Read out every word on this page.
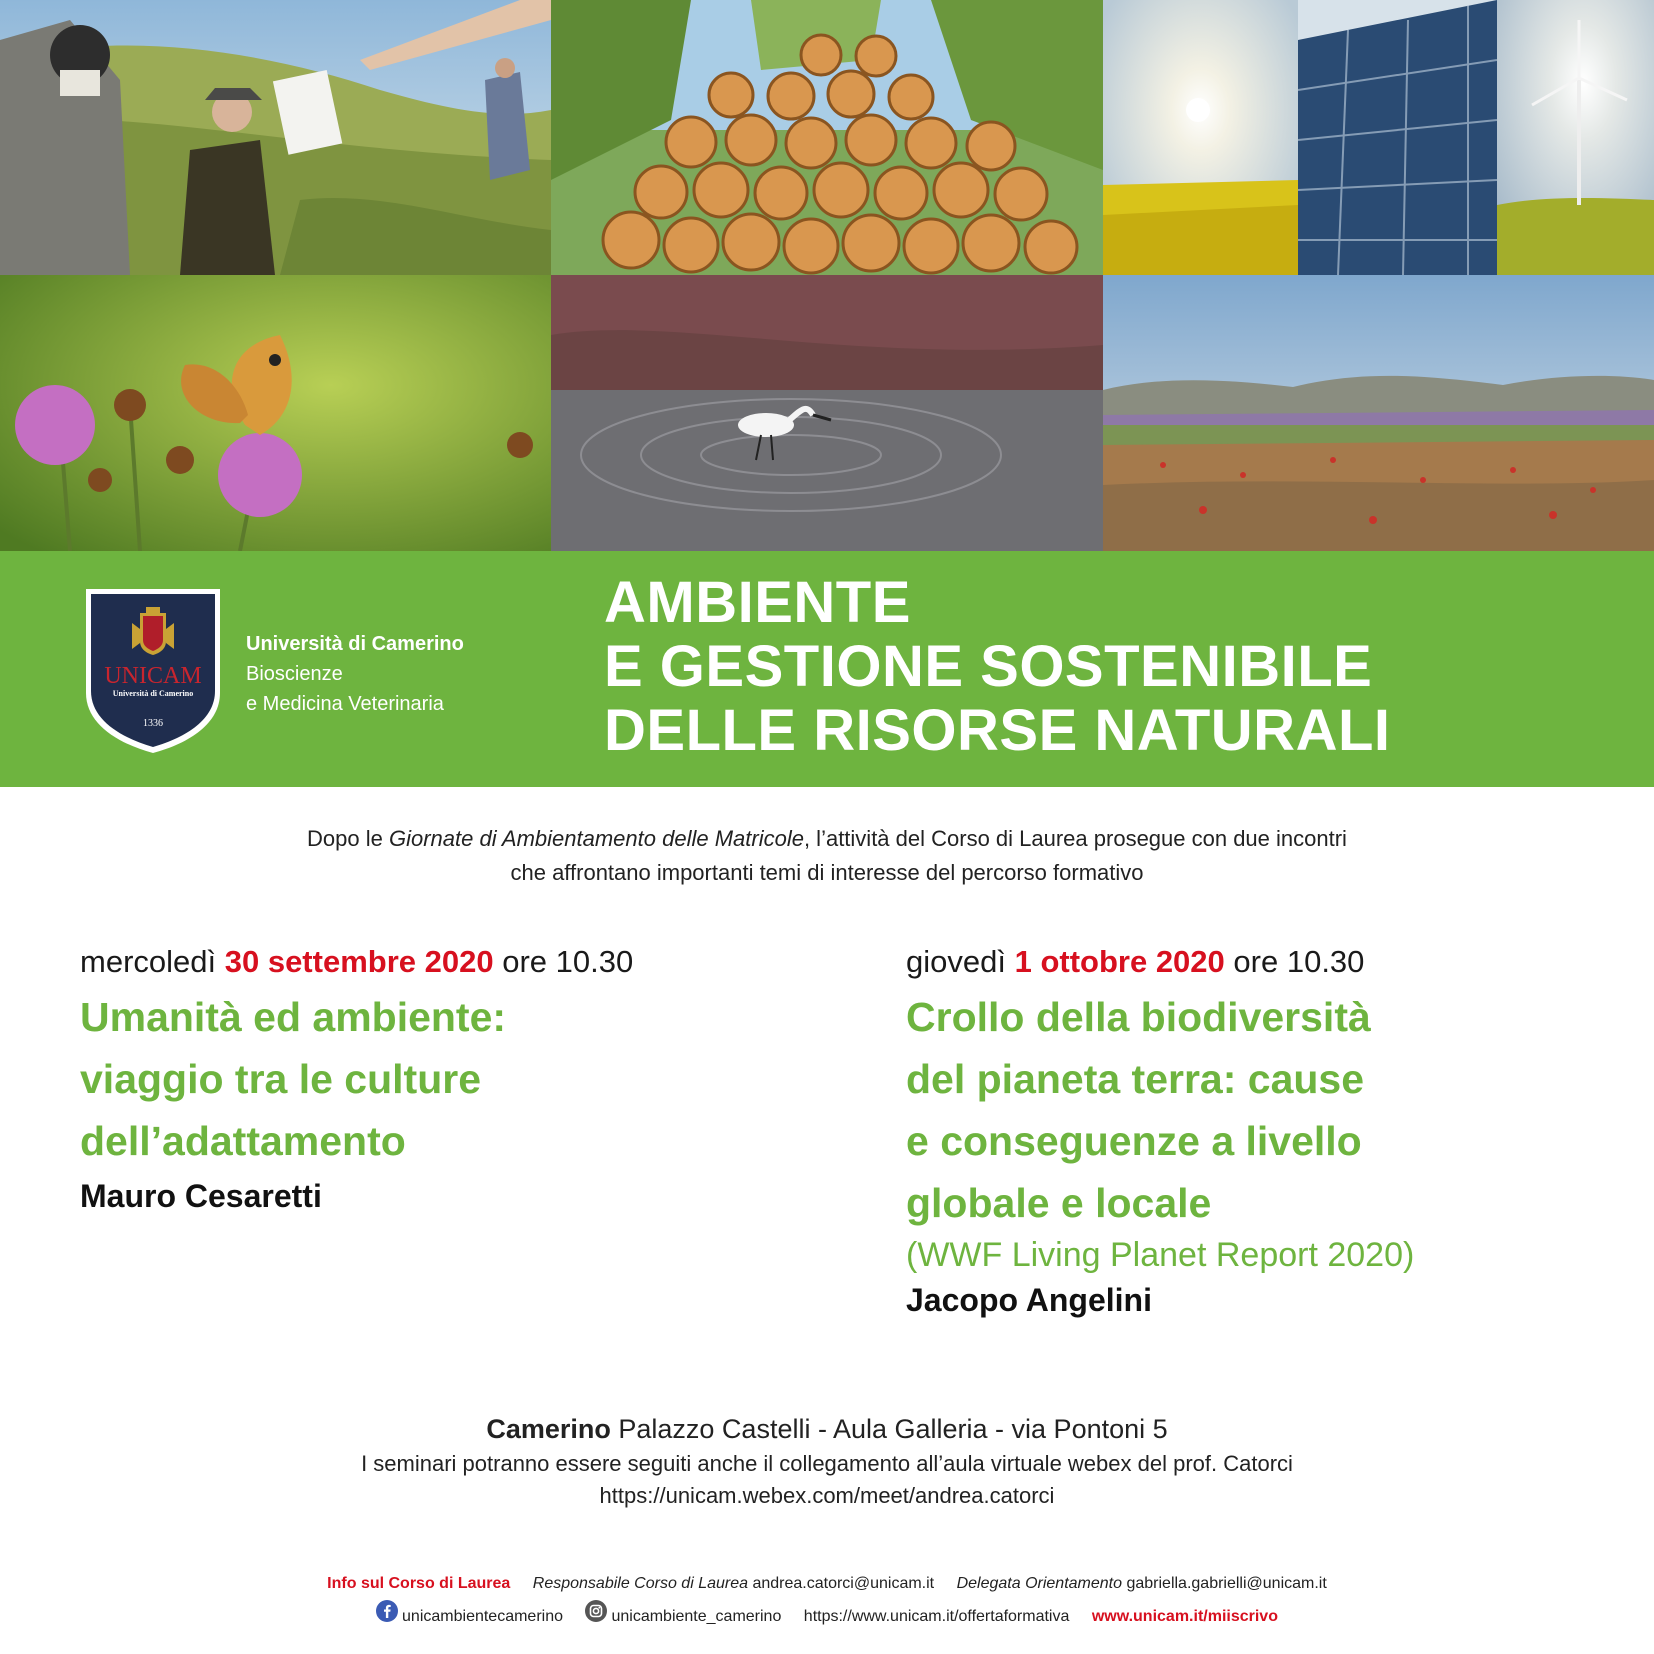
UNICAM
Università di Camerino
1336
Università di Camerino
Bioscienze
e Medicina Veterinaria
AMBIENTE
E GESTIONE SOSTENIBILE
DELLE RISORSE NATURALI
Dopo le Giornate di Ambientamento delle Matricole, l’attività del Corso di Laurea prosegue con due incontri
che affrontano importanti temi di interesse del percorso formativo
mercoledì 30 settembre 2020 ore 10.30
Umanità ed ambiente:
viaggio tra le culture
dell’adattamento
Mauro Cesaretti
giovedì 1 ottobre 2020 ore 10.30
Crollo della biodiversità
del pianeta terra: cause
e conseguenze a livello
globale e locale
(WWF Living Planet Report 2020)
Jacopo Angelini
Camerino Palazzo Castelli - Aula Galleria - via Pontoni 5
I seminari potranno essere seguiti anche il collegamento all’aula virtuale webex del prof. Catorci
https://unicam.webex.com/meet/andrea.catorci
Info sul Corso di Laurea Responsabile Corso di Laurea andrea.catorci@unicam.it Delegata Orientamento gabriella.gabrielli@unicam.it
unicambientecamerino
	unicambiente_camerino https://www.unicam.it/offertaformativa www.unicam.it/miiscrivo
